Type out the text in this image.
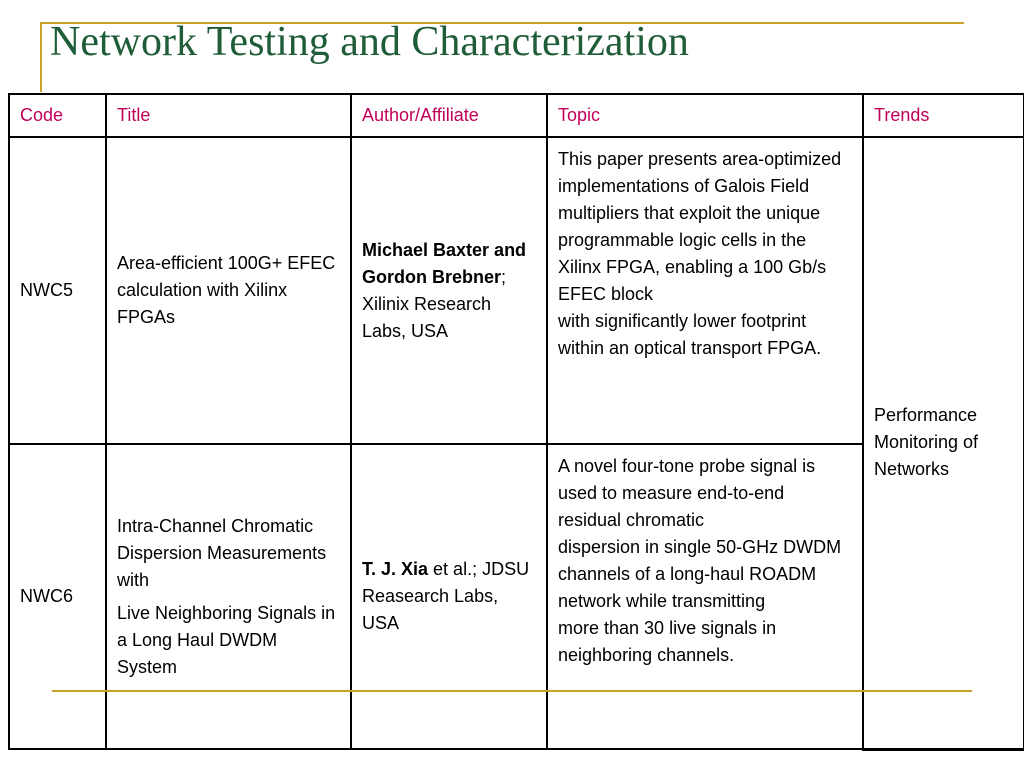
Network Testing and Characterization
Code	Title	Author/Affiliate	Topic	Trends
NWC5	Area-efficient 100G+ EFEC calculation with Xilinx FPGAs	Michael Baxter and Gordon Brebner; Xilinix Research Labs, USA	This paper presents area-optimized implementations of Galois Field multipliers that exploit the unique programmable logic cells in the Xilinx FPGA, enabling a 100 Gb/s EFEC block
with significantly lower footprint within an optical transport FPGA.	Performance Monitoring of Networks
NWC6	Intra-Channel Chromatic Dispersion Measurements with
Live Neighboring Signals in a Long Haul DWDM System	T. J. Xia et al.; JDSU Reasearch Labs, USA	A novel four-tone probe signal is used to measure end-to-end residual chromatic
dispersion in single 50-GHz DWDM channels of a long-haul ROADM network while transmitting
more than 30 live signals in neighboring channels.	
